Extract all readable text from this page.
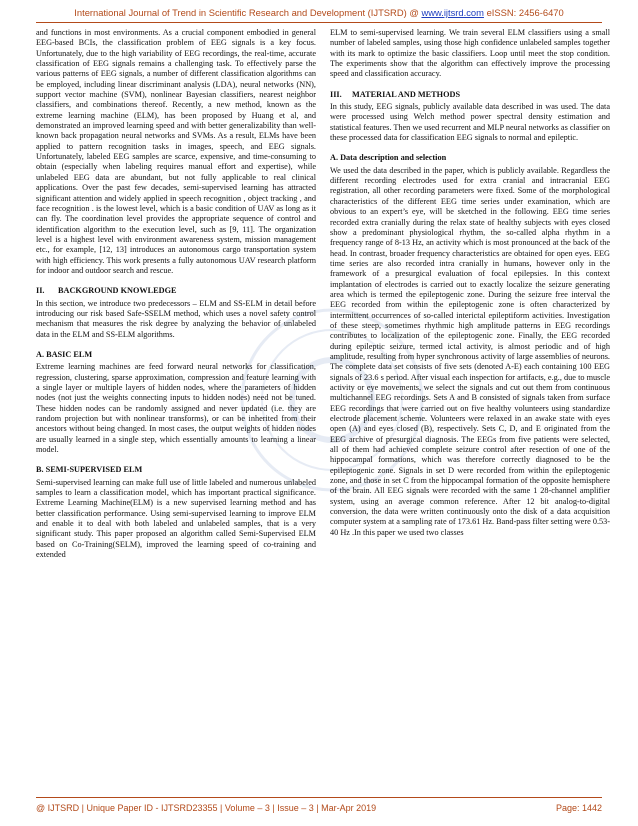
International Journal of Trend in Scientific Research and Development (IJTSRD) @ www.ijtsrd.com eISSN: 2456-6470

and functions in most environments. As a crucial component embodied in general EEG-based BCIs, the classification problem of EEG signals is a key focus. Unfortunately, due to the high variability of EEG recordings, the real-time, accurate classification of EEG signals remains a challenging task. To effectively parse the various patterns of EEG signals, a number of different classification algorithms can be employed, including linear discriminant analysis (LDA), neural networks (NN), support vector machine (SVM), nonlinear Bayesian classifiers, nearest neighbor classifiers, and combinations thereof. Recently, a new method, known as the extreme learning machine (ELM), has been proposed by Huang et al, and demonstrated an improved learning speed and with better generalizability than well-known back propagation neural networks and SVMs. As a result, ELMs have been applied to pattern recognition tasks in images, speech, and EEG signals. Unfortunately, labeled EEG samples are scarce, expensive, and time-consuming to obtain (especially when labeling requires manual effort and expertise), while unlabeled EEG data are abundant, but not fully applicable to real clinical applications. Over the past few decades, semi-supervised learning has attracted significant attention and widely applied in speech recognition , object tracking , and face recognition . is the lowest level, which is a basic condition of UAV as long as it can fly. The coordination level provides the appropriate sequence of control and identification algorithm to the execution level, such as [9, 11]. The organization level is a highest level with environment awareness system, mission management etc., for example, [12, 13] introduces an autonomous cargo transportation system with high efficiency. This work presents a fully autonomous UAV research platform for indoor and outdoor search and rescue.

II. BACKGROUND KNOWLEDGE

In this section, we introduce two predecessors – ELM and SS-ELM in detail before introducing our risk based Safe-SSELM method, which uses a novel safety control mechanism that measures the risk degree by analyzing the behavior of unlabeled data in the ELM and SS-ELM algorithms.

A. BASIC ELM

Extreme learning machines are feed forward neural networks for classification, regression, clustering, sparse approximation, compression and feature learning with a single layer or multiple layers of hidden nodes, where the parameters of hidden nodes (not just the weights connecting inputs to hidden nodes) need not be tuned. These hidden nodes can be randomly assigned and never updated (i.e. they are random projection but with nonlinear transforms), or can be inherited from their ancestors without being changed. In most cases, the output weights of hidden nodes are usually learned in a single step, which essentially amounts to learning a linear model.

B. SEMI-SUPERVISED ELM

Semi-supervised learning can make full use of little labeled and numerous unlabeled samples to learn a classification model, which has important practical significance. Extreme Learning Machine(ELM) is a new supervised learning method and has better classification performance. Using semi-supervised learning to improve ELM and enable it to deal with both labeled and unlabeled samples, that is a very significant study. This paper proposed an algorithm called Semi-Supervised ELM based on Co-Training(SELM), improved the learning speed of co-training and extended

ELM to semi-supervised learning. We train several ELM classifiers using a small number of labeled samples, using those high confidence unlabeled samples together with its mark to optimize the basic classifiers. Loop until meet the stop condition. The experiments show that the algorithm can effectively improve the processing speed and classification accuracy.

III. MATERIAL AND METHODS

In this study, EEG signals, publicly available data described in was used. The data were processed using Welch method power spectral density estimation and statistical features. Then we used recurrent and MLP neural networks as classifier on these processed data for classification EEG signals to normal and epileptic.

A. Data description and selection

We used the data described in the paper, which is publicly available. Regardless the different recording electrodes used for extra cranial and intracranial EEG registration, all other recording parameters were fixed. Some of the morphological characteristics of the different EEG time series under examination, which are obvious to an expert’s eye, will be sketched in the following. EEG time series recorded extra cranially during the relax state of healthy subjects with eyes closed show a predominant physiological rhythm, the so-called alpha rhythm in a frequency range of 8-13 Hz, an activity which is most pronounced at the back of the head. In contrast, broader frequency characteristics are obtained for open eyes. EEG time series are also recorded intra cranially in humans, however only in the framework of a presurgical evaluation of focal epilepsies. In this context implantation of electrodes is carried out to exactly localize the seizure generating area which is termed the epileptogenic zone. During the seizure free interval the EEG recorded from within the epileptogenic zone is often characterized by intermittent occurrences of so-called interictal epileptiform activities. Investigation of these steep, sometimes rhythmic high amplitude patterns in EEG recordings contributes to localization of the epileptogenic zone. Finally, the EEG recorded during epileptic seizure, termed ictal activity, is almost periodic and of high amplitude, resulting from hyper synchronous activity of large assemblies of neurons. The complete data set consists of five sets (denoted A-E) each containing 100 EEG signals of 23.6 s period. After visual each inspection for artifacts, e.g., due to muscle activity or eye movements, we select the signals and cut out them from continuous multichannel EEG recordings. Sets A and B consisted of signals taken from surface EEG recordings that were carried out on five healthy volunteers using standardize electrode placement scheme. Volunteers were relaxed in an awake state with eyes open (A) and eyes closed (B), respectively. Sets C, D, and E originated from the EEG archive of presurgical diagnosis. The EEGs from five patients were selected, all of them had achieved complete seizure control after resection of one of the hippocampal formations, which was therefore correctly diagnosed to be the epileptogenic zone. Signals in set D were recorded from within the epileptogenic zone, and those in set C from the hippocampal formation of the opposite hemisphere of the brain. All EEG signals were recorded with the same 1 28-channel amplifier system, using an average common reference. After 12 bit analog-to-digital conversion, the data were written continuously onto the disk of a data acquisition computer system at a sampling rate of 173.61 Hz. Band-pass filter setting were 0.53-40 Hz .In this paper we used two classes

@ IJTSRD | Unique Paper ID - IJTSRD23355 | Volume – 3 | Issue – 3 | Mar-Apr 2019	Page: 1442
